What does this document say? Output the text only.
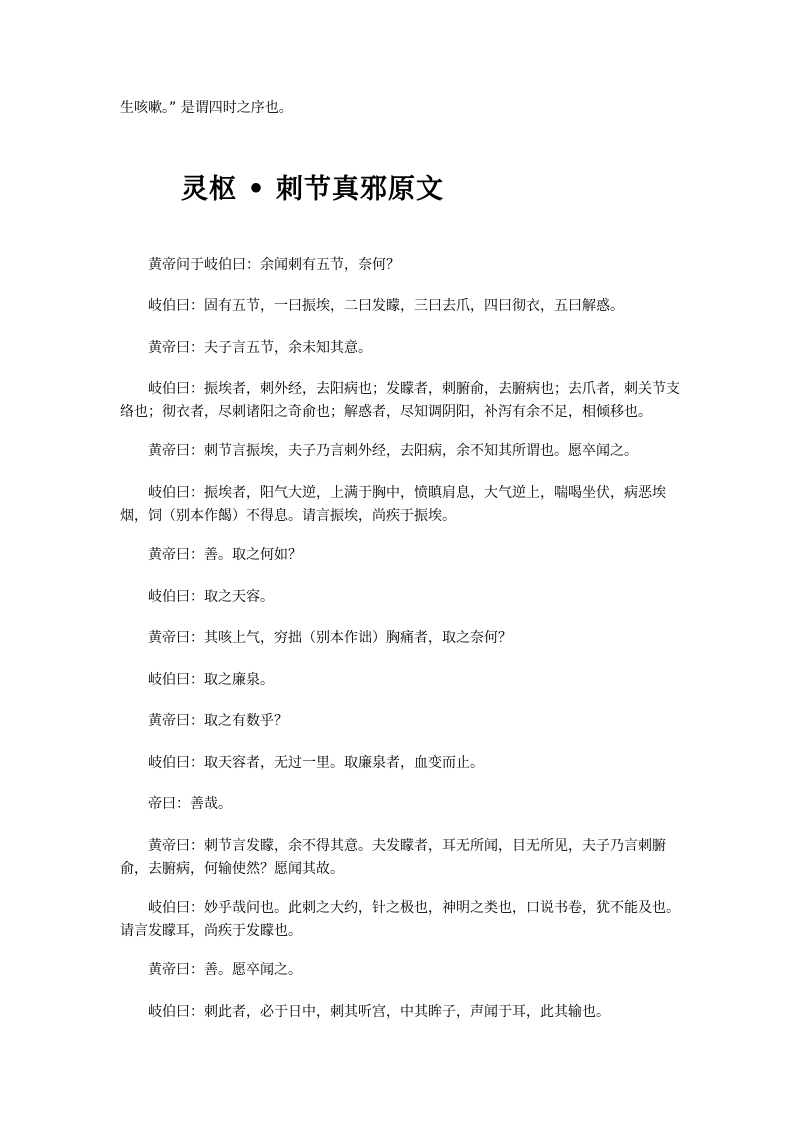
生咳嗽。” 是谓四时之序也。
灵枢 • 刺节真邪原文
黄帝问于岐伯曰：余闻刺有五节，奈何？
岐伯曰：固有五节，一曰振埃，二曰发矇，三曰去爪，四曰彻衣，五曰解惑。
黄帝曰：夫子言五节，余未知其意。
岐伯曰：振埃者，刺外经，去阳病也；发矇者，刺腑俞，去腑病也；去爪者，刺关节支络也；彻衣者，尽刺诸阳之奇俞也；解惑者，尽知调阴阳，补泻有余不足，相倾移也。
黄帝曰：刺节言振埃，夫子乃言刺外经，去阳病，余不知其所谓也。愿卒闻之。
岐伯曰：振埃者，阳气大逆，上满于胸中，愤瞋肩息，大气逆上，喘喝坐伏，病恶埃烟，饲（别本作餲）不得息。请言振埃，尚疾于振埃。
黄帝曰：善。取之何如？
岐伯曰：取之天容。
黄帝曰：其咳上气，穷拙（别本作诎）胸痛者，取之奈何？
岐伯曰：取之廉泉。
黄帝曰：取之有数乎？
岐伯曰：取天容者，无过一里。取廉泉者，血变而止。
帝曰：善哉。
黄帝曰：刺节言发矇，余不得其意。夫发矇者，耳无所闻，目无所见，夫子乃言刺腑俞，去腑病，何输使然？愿闻其故。
岐伯曰：妙乎哉问也。此刺之大约，针之极也，神明之类也，口说书卷，犹不能及也。请言发矇耳，尚疾于发矇也。
黄帝曰：善。愿卒闻之。
岐伯曰：刺此者，必于日中，刺其听宫，中其眸子，声闻于耳，此其输也。
